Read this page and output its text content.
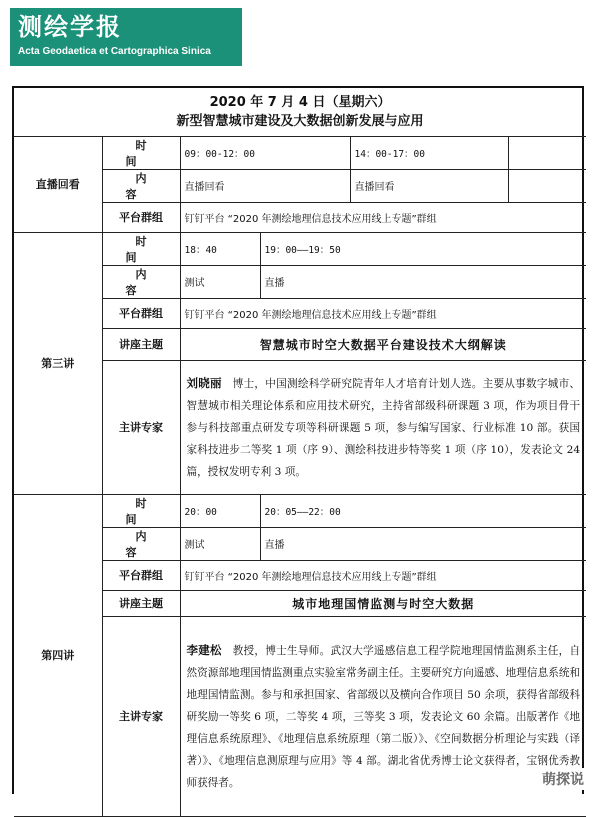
测绘学报
Acta Geodaetica et Cartographica Sinica
2020 年 7 月 4 日（星期六）
新型智慧城市建设及大数据创新发展与应用					

直播回看	时　间	09：00-12：00		14：00-17：00	
	内　容	直播回看		直播回看	
	平台群组	钉钉平台 “2020 年测绘地理信息技术应用线上专题”群组			
第三讲	时　间	18：40	19：00——19：50		
	内　容	测试	直播		
	平台群组	钉钉平台 “2020 年测绘地理信息技术应用线上专题”群组			
	讲座主题	智慧城市时空大数据平台建设技术大纲解读			
	主讲专家	刘晓丽　博士，中国测绘科学研究院青年人才培育计划人选。主要从事数字城市、智慧城市相关理论体系和应用技术研究，主持省部级科研课题 3 项，作为项目骨干参与科技部重点研发专项等科研课题 5 项，参与编写国家、行业标准 10 部。获国家科技进步二等奖 1 项（序 9）、测绘科技进步特等奖 1 项（序 10），发表论文 24 篇，授权发明专利 3 项。			
第四讲	时　间	20：00	20：05——22：00		
	内　容	测试	直播		
	平台群组	钉钉平台 “2020 年测绘地理信息技术应用线上专题”群组			
	讲座主题	城市地理国情监测与时空大数据			
	主讲专家	李建松　教授，博士生导师。武汉大学遥感信息工程学院地理国情监测系主任，自然资源部地理国情监测重点实验室常务副主任。主要研究方向遥感、地理信息系统和地理国情监测。参与和承担国家、省部级以及横向合作项目 50 余项，获得省部级科研奖励一等奖 6 项，二等奖 4 项，三等奖 3 项，发表论文 60 余篇。出版著作《地理信息系统原理》、《地理信息系统原理（第二版）》、《空间数据分析理论与实践（译著）》、《地理信息测原理与应用》等 4 部。湖北省优秀博士论文获得者，宝钢优秀教师获得者。				萌探说
